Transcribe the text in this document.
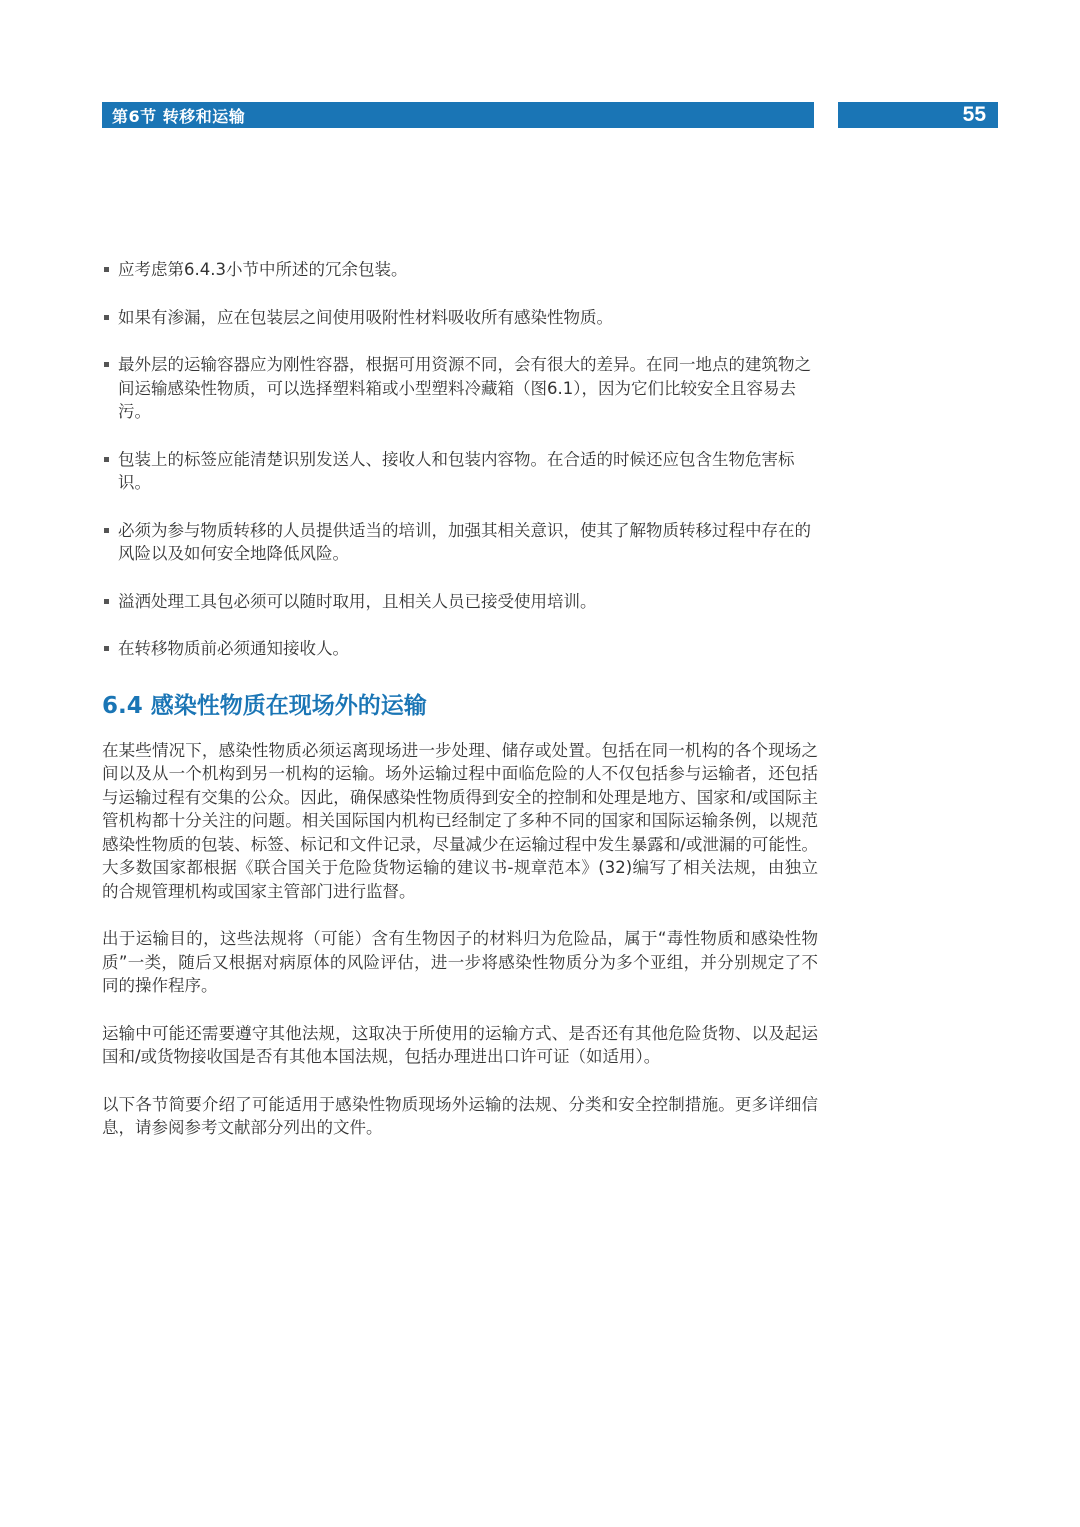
第6节 转移和运输	55
应考虑第6.4.3小节中所述的冗余包装。
如果有渗漏，应在包装层之间使用吸附性材料吸收所有感染性物质。
最外层的运输容器应为刚性容器，根据可用资源不同，会有很大的差异。在同一地点的建筑物之间运输感染性物质，可以选择塑料箱或小型塑料冷藏箱（图6.1），因为它们比较安全且容易去污。
包装上的标签应能清楚识别发送人、接收人和包装内容物。在合适的时候还应包含生物危害标识。
必须为参与物质转移的人员提供适当的培训，加强其相关意识，使其了解物质转移过程中存在的风险以及如何安全地降低风险。
溢洒处理工具包必须可以随时取用，且相关人员已接受使用培训。
在转移物质前必须通知接收人。
6.4 感染性物质在现场外的运输

在某些情况下，感染性物质必须运离现场进一步处理、储存或处置。包括在同一机构的各个现场之间以及从一个机构到另一机构的运输。场外运输过程中面临危险的人不仅包括参与运输者，还包括与运输过程有交集的公众。因此，确保感染性物质得到安全的控制和处理是地方、国家和/或国际主管机构都十分关注的问题。相关国际国内机构已经制定了多种不同的国家和国际运输条例，以规范感染性物质的包装、标签、标记和文件记录，尽量减少在运输过程中发生暴露和/或泄漏的可能性。大多数国家都根据《联合国关于危险货物运输的建议书-规章范本》(32)编写了相关法规，由独立的合规管理机构或国家主管部门进行监督。

出于运输目的，这些法规将（可能）含有生物因子的材料归为危险品，属于“毒性物质和感染性物质”一类，随后又根据对病原体的风险评估，进一步将感染性物质分为多个亚组，并分别规定了不同的操作程序。

运输中可能还需要遵守其他法规，这取决于所使用的运输方式、是否还有其他危险货物、以及起运国和/或货物接收国是否有其他本国法规，包括办理进出口许可证（如适用）。

以下各节简要介绍了可能适用于感染性物质现场外运输的法规、分类和安全控制措施。更多详细信息，请参阅参考文献部分列出的文件。
